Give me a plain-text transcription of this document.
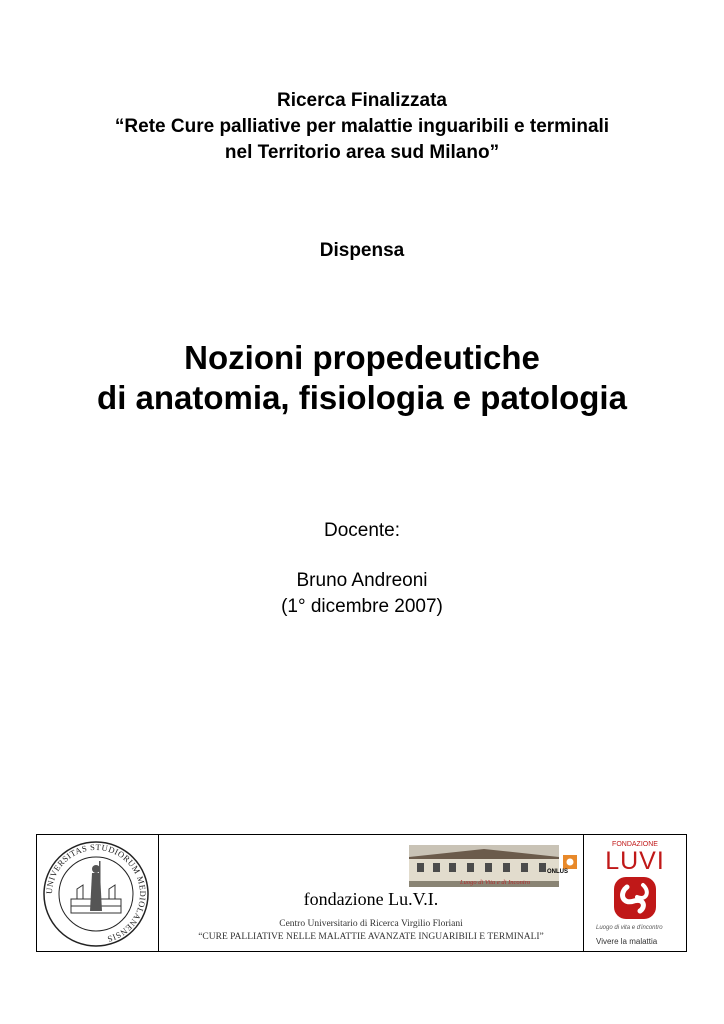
Ricerca Finalizzata
“Rete Cure palliative per malattie inguaribili e terminali
nel Territorio area sud Milano”
Dispensa
Nozioni propedeutiche
di anatomia, fisiologia e patologia
Docente:
Bruno Andreoni
(1° dicembre 2007)
UNIVERSITAS STUDIORUM MEDIOLANENSIS
ONLUS
Luogo di Vita e di Incontro
fondazione Lu.V.I.
Centro Universitario di Ricerca Virgilio Floriani
“CURE PALLIATIVE NELLE MALATTIE AVANZATE INGUARIBILI E TERMINALI”
FONDAZIONE
LUVI
Luogo di vita e d'incontro
Vivere la malattia
